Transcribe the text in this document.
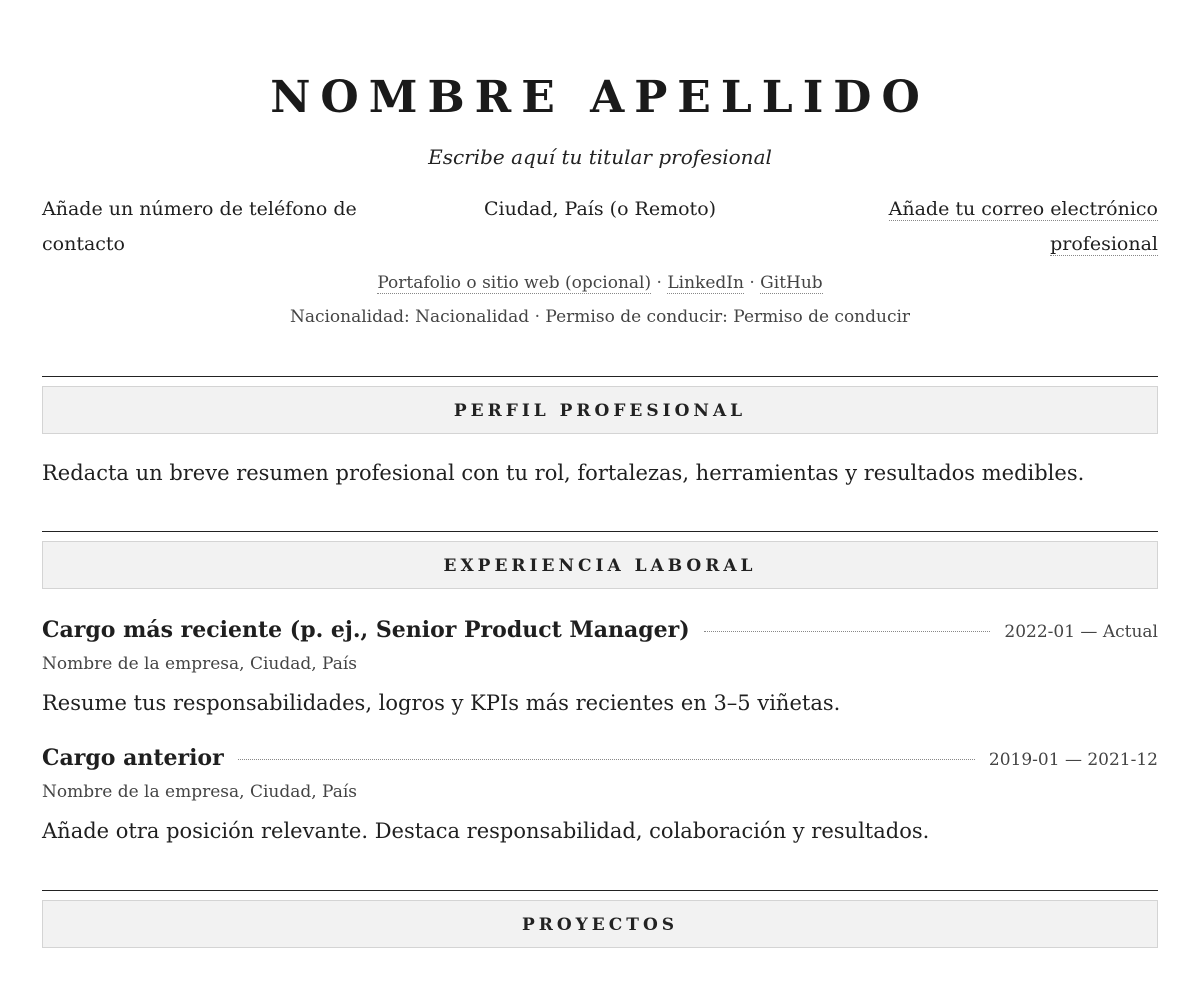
NOMBRE APELLIDO
Escribe aquí tu titular profesional
Añade un número de teléfono de contacto
Ciudad, País (o Remoto)	Añade tu correo electrónico profesional
Portafolio o sitio web (opcional) · LinkedIn · GitHub
Nacionalidad: Nacionalidad · Permiso de conducir: Permiso de conducir
PERFIL PROFESIONAL
Redacta un breve resumen profesional con tu rol, fortalezas, herramientas y resultados medibles.
EXPERIENCIA LABORAL
Cargo más reciente (p. ej., Senior Product Manager)	2022-01 — Actual
Nombre de la empresa, Ciudad, País
Resume tus responsabilidades, logros y KPIs más recientes en 3–5 viñetas.
Cargo anterior	2019-01 — 2021-12
Nombre de la empresa, Ciudad, País
Añade otra posición relevante. Destaca responsabilidad, colaboración y resultados.
PROYECTOS
